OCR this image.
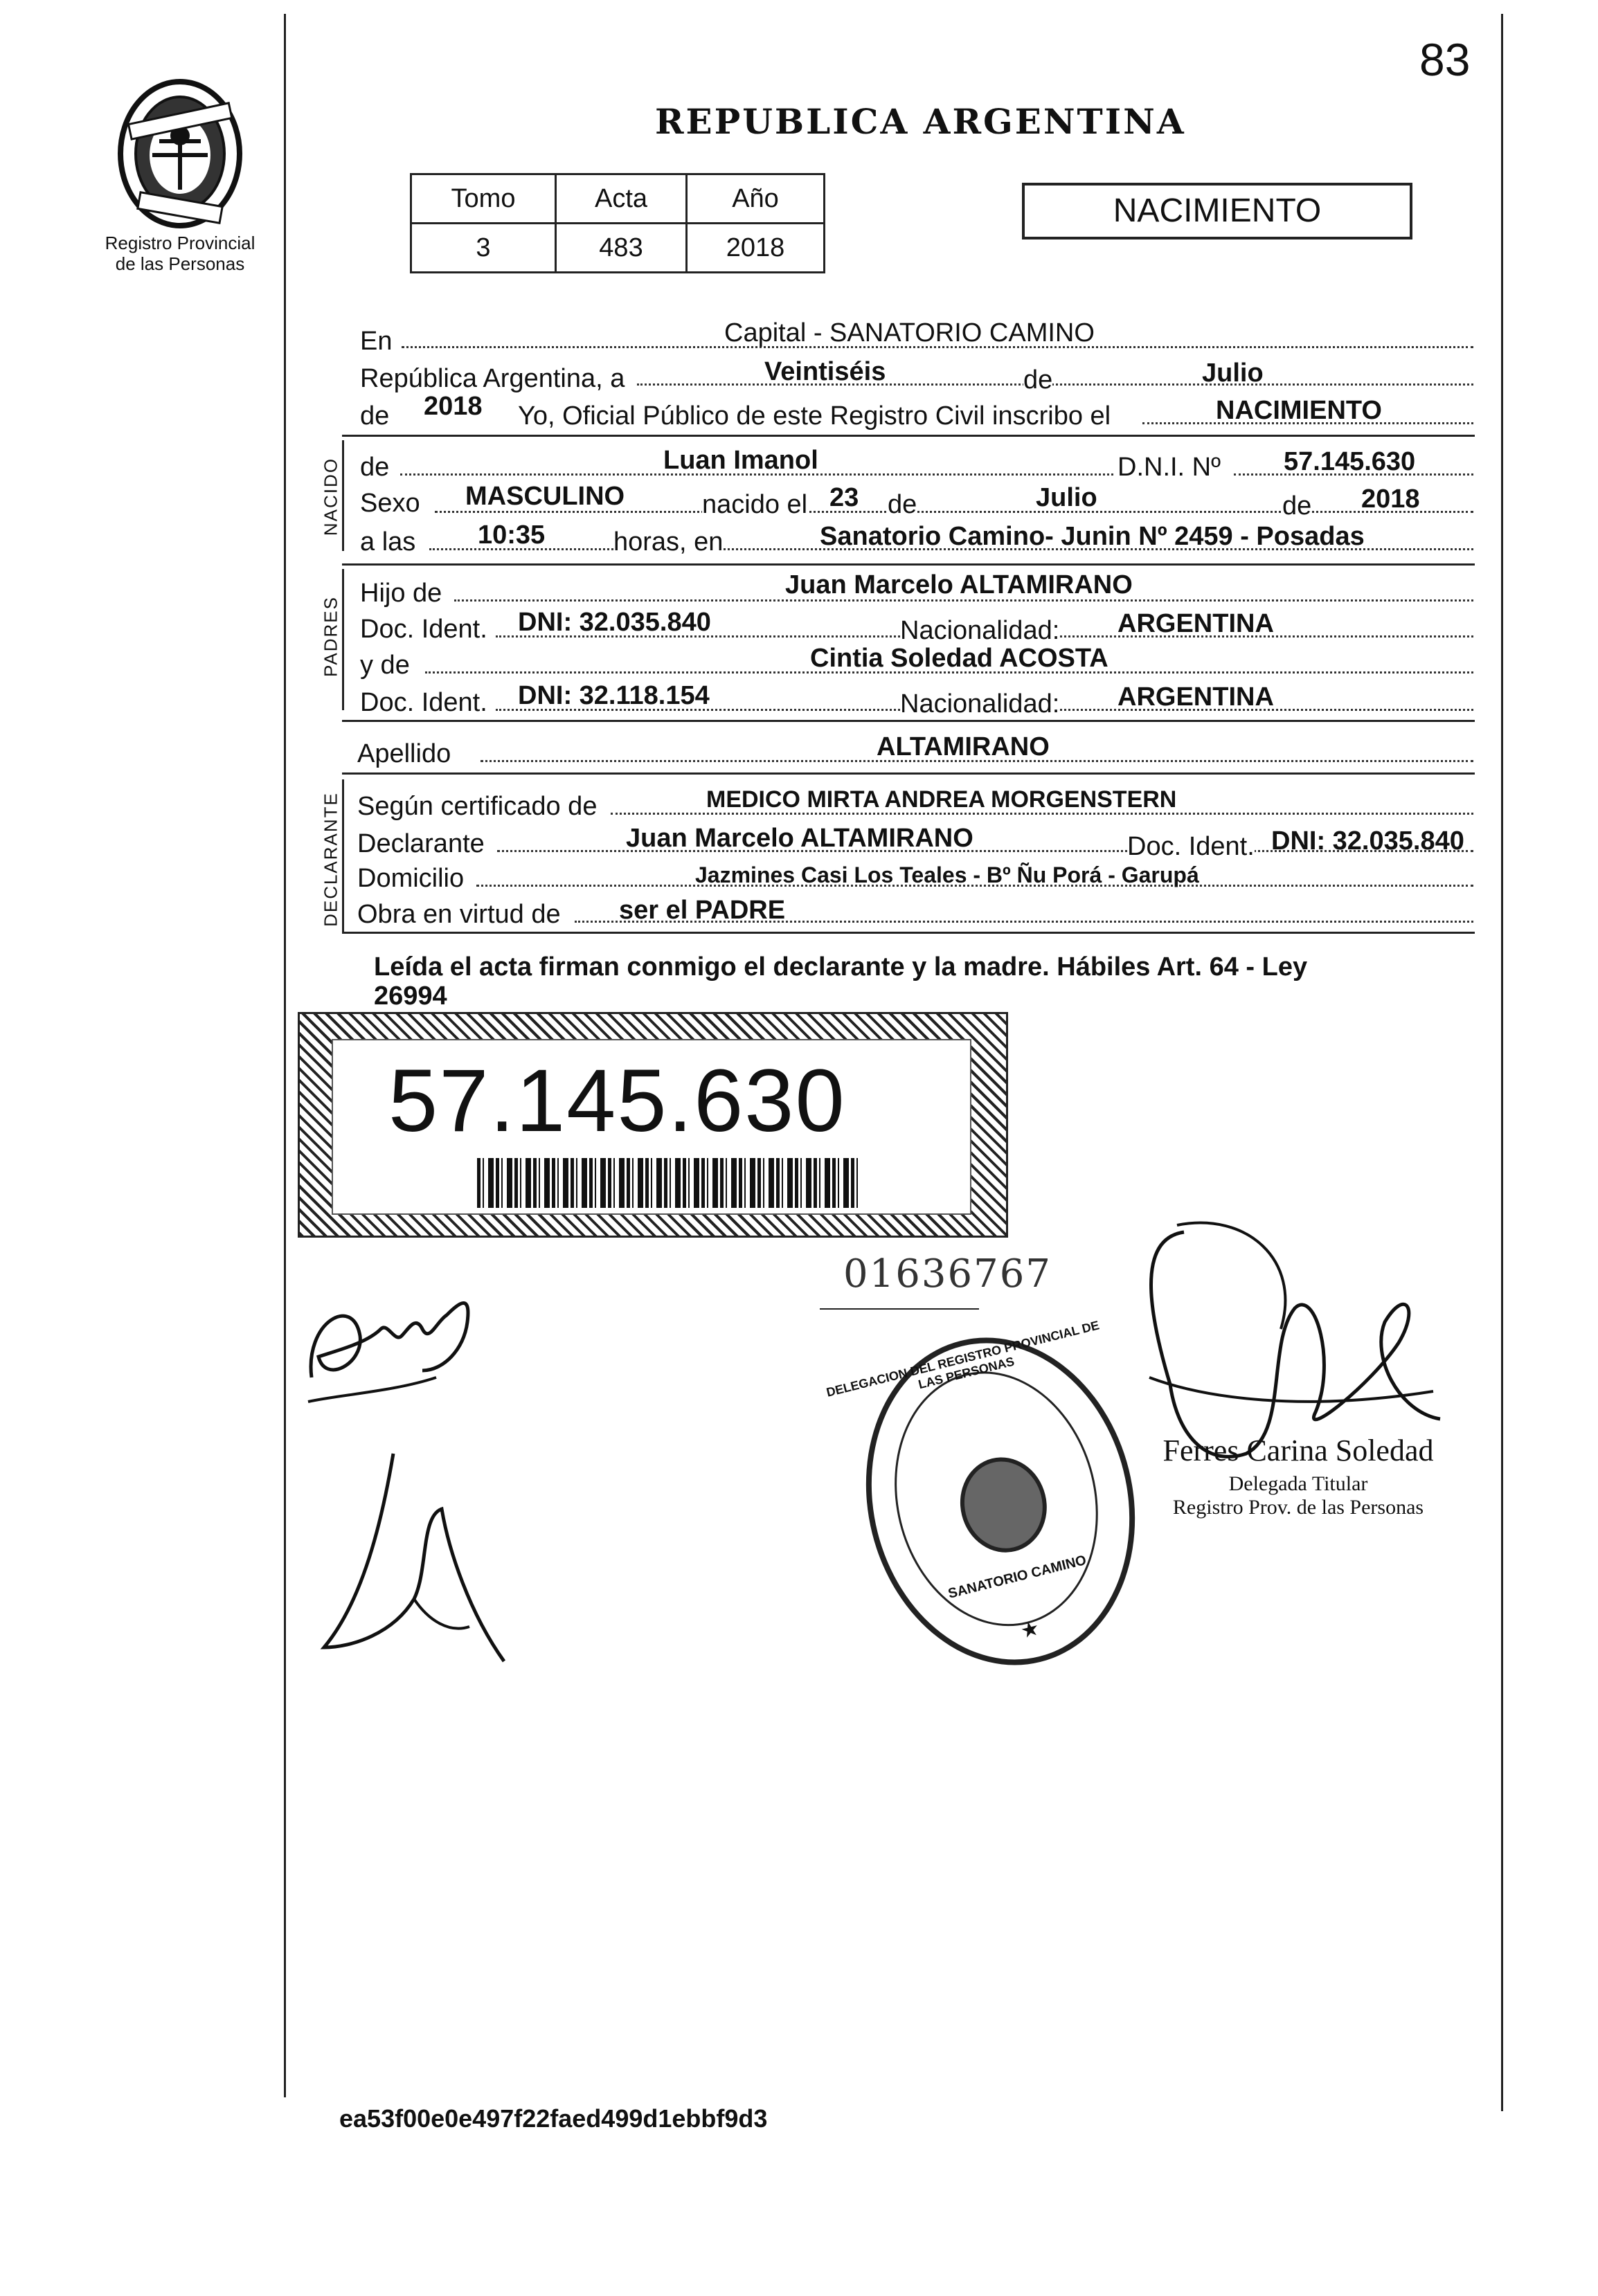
83
Registro Provincial
de las Personas
REPUBLICA ARGENTINA
Tomo	Acta	Año
3	483	2018
NACIMIENTO
En	Capital - SANATORIO CAMINO
República Argentina, a	Veintiséis	de	Julio
de 2018 Yo, Oficial Público de este Registro Civil inscribo el	NACIMIENTO
NACIDO de	Luan Imanol	D.N.I. Nº 57.145.630
Sexo MASCULINO	nacido el 23 de	Julio	de 2018
a las 10:35	horas, en	Sanatorio Camino- Junin Nº 2459 - Posadas
PADRES
Hijo de	Juan Marcelo ALTAMIRANO
Doc. Ident. DNI: 32.035.840	Nacionalidad: ARGENTINA
y de	Cintia Soledad ACOSTA
Doc. Ident. DNI: 32.118.154	Nacionalidad: ARGENTINA
Apellido	ALTAMIRANO
DECLARANTE Según certificado de	MEDICO MIRTA ANDREA MORGENSTERN
Declarante	Juan Marcelo ALTAMIRANO	Doc. Ident. DNI: 32.035.840
Domicilio	Jazmines Casi Los Teales - Bº Ñu Porá - Garupá
Obra en virtud de ser el PADRE
Leída el acta firman conmigo el declarante y la madre. Hábiles Art. 64 - Ley
26994
57.145.630
01636767
DELEGACION DEL REGISTRO PROVINCIAL DE LAS PERSONAS
SANATORIO CAMINO
★
Ferres Carina Soledad
Delegada Titular
Registro Prov. de las Personas
ea53f00e0e497f22faed499d1ebbf9d3
